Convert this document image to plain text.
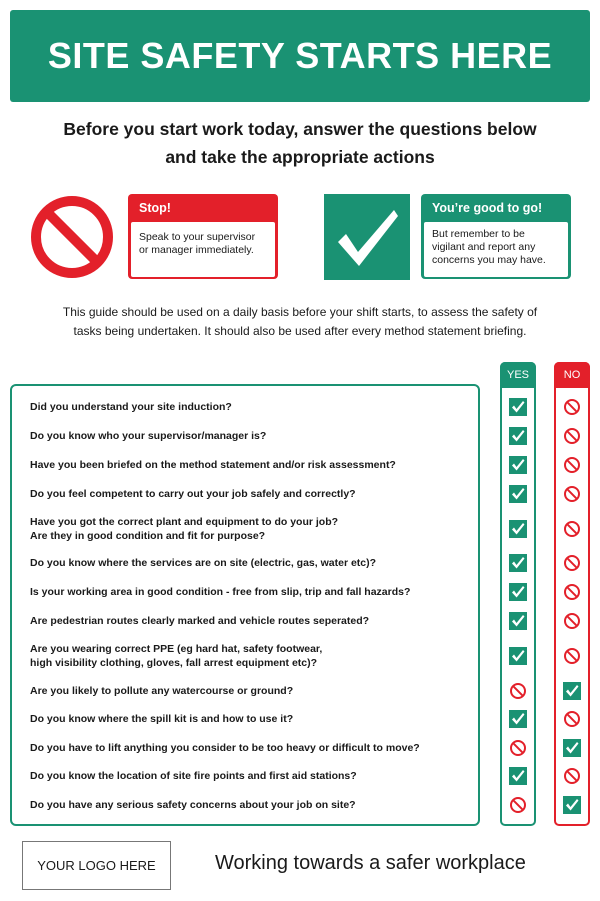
SITE SAFETY STARTS HERE
Before you start work today, answer the questions below
and take the appropriate actions
Stop!
Speak to your supervisor
or manager immediately.
You’re good to go!
But remember to be
vigilant and report any
concerns you may have.
This guide should be used on a daily basis before your shift starts, to assess the safety of
tasks being undertaken. It should also be used after every method statement briefing.
YES	NO
Did you understand your site induction?
Do you know who your supervisor/manager is?
Have you been briefed on the method statement and/or risk assessment?
Do you feel competent to carry out your job safely and correctly?
Have you got the correct plant and equipment to do your job?
Are they in good condition and fit for purpose?
Do you know where the services are on site (electric, gas, water etc)?
Is your working area in good condition - free from slip, trip and fall hazards?
Are pedestrian routes clearly marked and vehicle routes seperated?
Are you wearing correct PPE (eg hard hat, safety footwear,
high visibility clothing, gloves, fall arrest equipment etc)?
Are you likely to pollute any watercourse or ground?
Do you know where the spill kit is and how to use it?
Do you have to lift anything you consider to be too heavy or difficult to move?
Do you know the location of site fire points and first aid stations?
Do you have any serious safety concerns about your job on site?
YOUR LOGO HERE	Working towards a safer workplace
